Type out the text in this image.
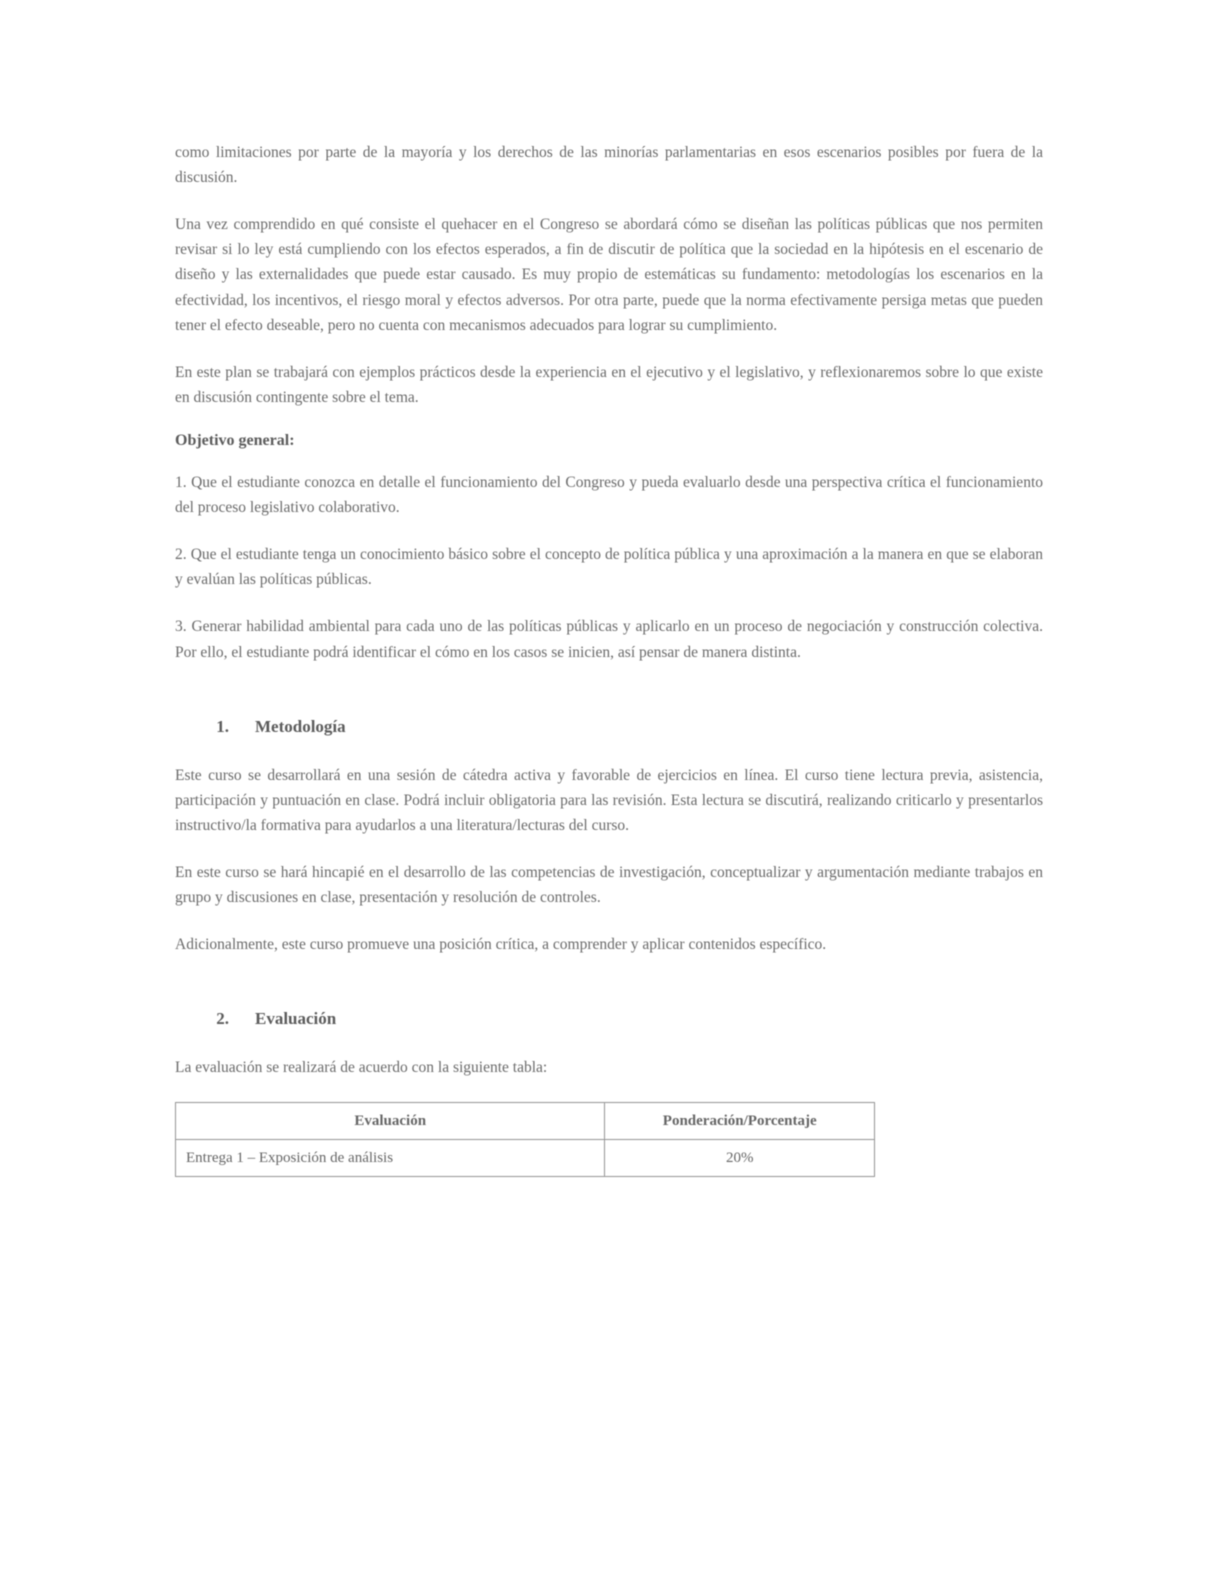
como limitaciones por parte de la mayoría y los derechos de las minorías parlamentarias en esos escenarios posibles por fuera de la discusión.

Una vez comprendido en qué consiste el quehacer en el Congreso se abordará cómo se diseñan las políticas públicas que nos permiten revisar si lo ley está cumpliendo con los efectos esperados, a fin de discutir de política que la sociedad en la hipótesis en el escenario de diseño y las externalidades que puede estar causado. Es muy propio de estemáticas su fundamento: metodologías los escenarios en la efectividad, los incentivos, el riesgo moral y efectos adversos. Por otra parte, puede que la norma efectivamente persiga metas que pueden tener el efecto deseable, pero no cuenta con mecanismos adecuados para lograr su cumplimiento.

En este plan se trabajará con ejemplos prácticos desde la experiencia en el ejecutivo y el legislativo, y reflexionaremos sobre lo que existe en discusión contingente sobre el tema.

Objetivo general:

1. Que el estudiante conozca en detalle el funcionamiento del Congreso y pueda evaluarlo desde una perspectiva crítica el funcionamiento del proceso legislativo colaborativo.

2. Que el estudiante tenga un conocimiento básico sobre el concepto de política pública y una aproximación a la manera en que se elaboran y evalúan las políticas públicas.

3. Generar habilidad ambiental para cada uno de las políticas públicas y aplicarlo en un proceso de negociación y construcción colectiva. Por ello, el estudiante podrá identificar el cómo en los casos se inicien, así pensar de manera distinta.

1. Metodología

Este curso se desarrollará en una sesión de cátedra activa y favorable de ejercicios en línea. El curso tiene lectura previa, asistencia, participación y puntuación en clase. Podrá incluir obligatoria para las revisión. Esta lectura se discutirá, realizando criticarlo y presentarlos instructivo/la formativa para ayudarlos a una literatura/lecturas del curso.

En este curso se hará hincapié en el desarrollo de las competencias de investigación, conceptualizar y argumentación mediante trabajos en grupo y discusiones en clase, presentación y resolución de controles.

Adicionalmente, este curso promueve una posición crítica, a comprender y aplicar contenidos específico.

2. Evaluación

La evaluación se realizará de acuerdo con la siguiente tabla:

Evaluación	Ponderación/Porcentaje
Entrega 1 – Exposición de análisis	20%
